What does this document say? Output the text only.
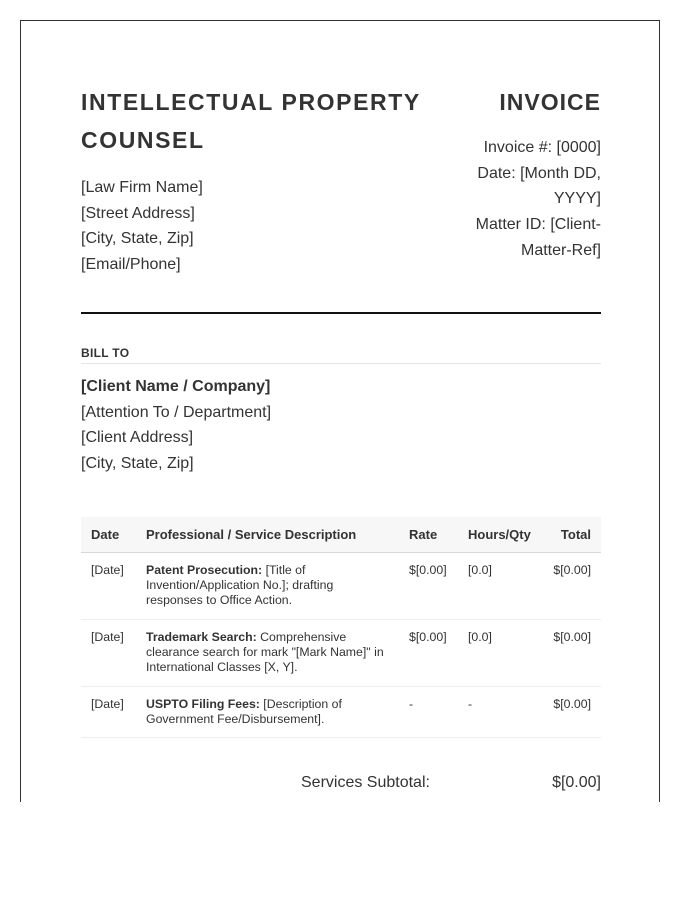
INTELLECTUAL PROPERTY COUNSEL
[Law Firm Name]
[Street Address]
[City, State, Zip]
[Email/Phone]
INVOICE
Invoice #: [0000]
Date: [Month DD, YYYY]
Matter ID: [Client-Matter-Ref]
BILL TO
[Client Name / Company]
[Attention To / Department]
[Client Address]
[City, State, Zip]
Date	Professional / Service Description	Rate	Hours/Qty	Total
[Date]	Patent Prosecution: [Title of Invention/Application No.]; drafting responses to Office Action.	$[0.00]	[0.0]	$[0.00]
[Date]	Trademark Search: Comprehensive clearance search for mark "[Mark Name]" in International Classes [X, Y].	$[0.00]	[0.0]	$[0.00]
[Date]	USPTO Filing Fees: [Description of Government Fee/Disbursement].	-	-	$[0.00]
Services Subtotal:	$[0.00]
